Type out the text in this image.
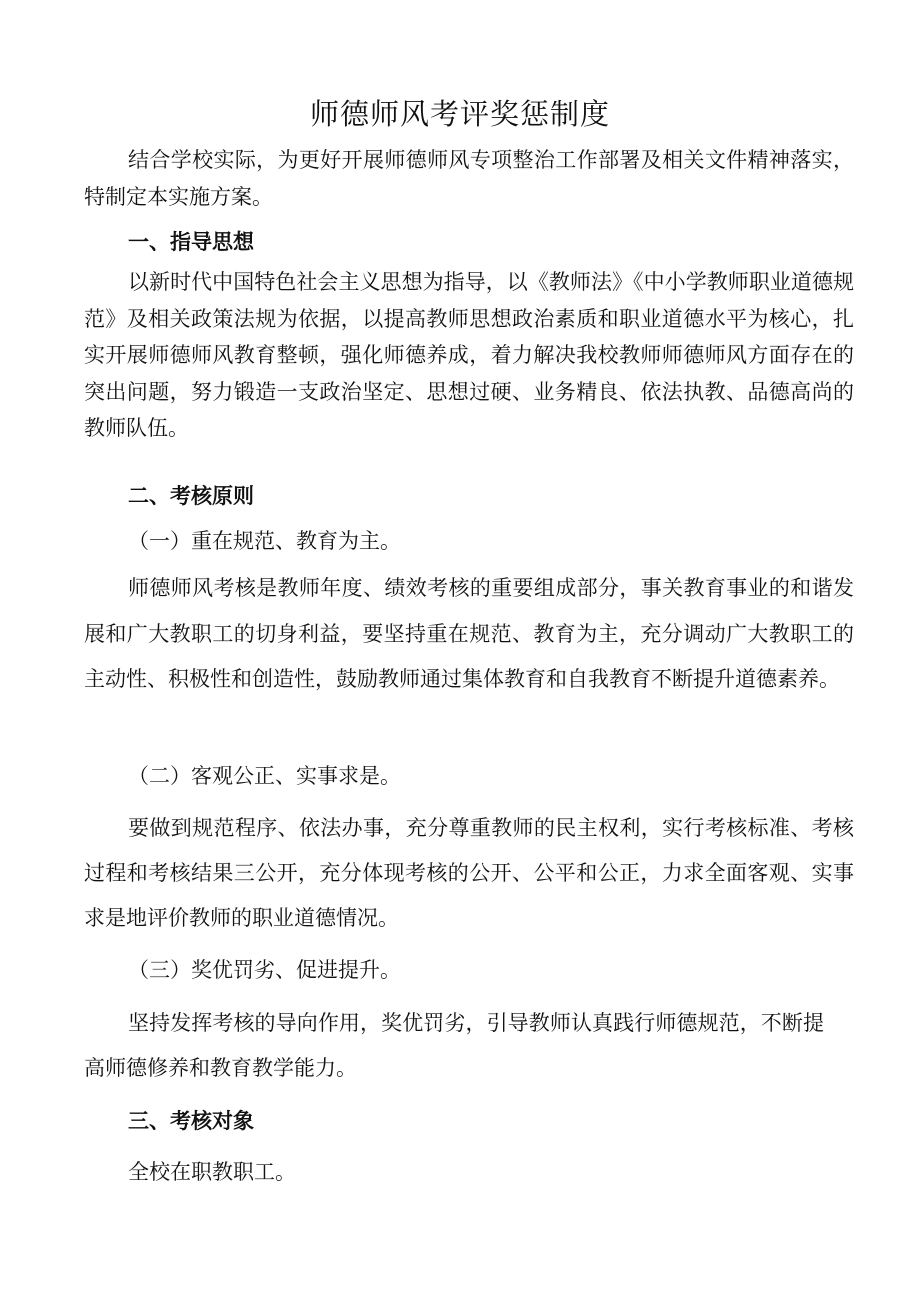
师德师风考评奖惩制度

结合学校实际，为更好开展师德师风专项整治工作部署及相关文件精神落实，特制定本实施方案。

一、指导思想

以新时代中国特色社会主义思想为指导，以《教师法》《中小学教师职业道德规范》及相关政策法规为依据，以提高教师思想政治素质和职业道德水平为核心，扎实开展师德师风教育整顿，强化师德养成，着力解决我校教师师德师风方面存在的突出问题，努力锻造一支政治坚定、思想过硬、业务精良、依法执教、品德高尚的教师队伍。

二、考核原则

（一）重在规范、教育为主。

师德师风考核是教师年度、绩效考核的重要组成部分，事关教育事业的和谐发展和广大教职工的切身利益，要坚持重在规范、教育为主，充分调动广大教职工的主动性、积极性和创造性，鼓励教师通过集体教育和自我教育不断提升道德素养。

（二）客观公正、实事求是。

要做到规范程序、依法办事，充分尊重教师的民主权利，实行考核标准、考核过程和考核结果三公开，充分体现考核的公开、公平和公正，力求全面客观、实事求是地评价教师的职业道德情况。

（三）奖优罚劣、促进提升。

坚持发挥考核的导向作用，奖优罚劣，引导教师认真践行师德规范，不断提高师德修养和教育教学能力。

三、考核对象

全校在职教职工。
